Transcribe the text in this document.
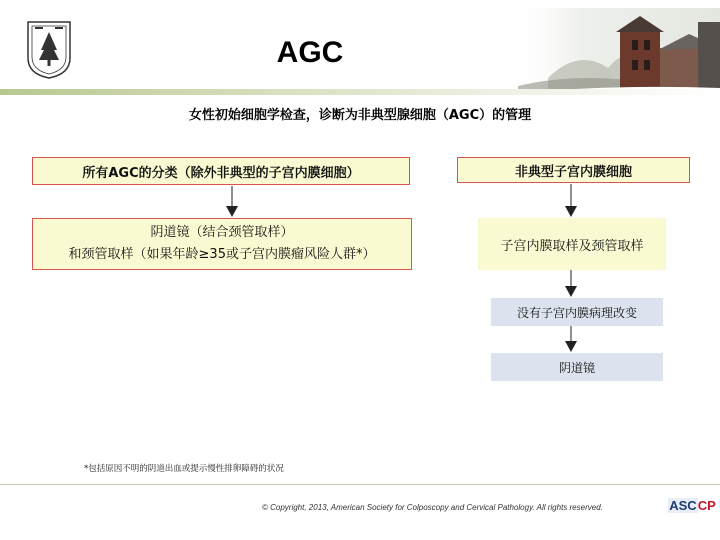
AGC
女性初始细胞学检查，诊断为非典型腺细胞（AGC）的管理
所有AGC的分类（除外非典型的子宫内膜细胞）
阴道镜（结合颈管取样）
和颈管取样（如果年龄≥35或子宫内膜瘤风险人群*）
非典型子宫内膜细胞
子宫内膜取样及颈管取样
没有子宫内膜病理改变
阴道镜
*包括原因不明的阴道出血或提示慢性排卵障碍的状况
© Copyright, 2013, American Society for Colposcopy and Cervical Pathology. All rights reserved.	ASC CP
